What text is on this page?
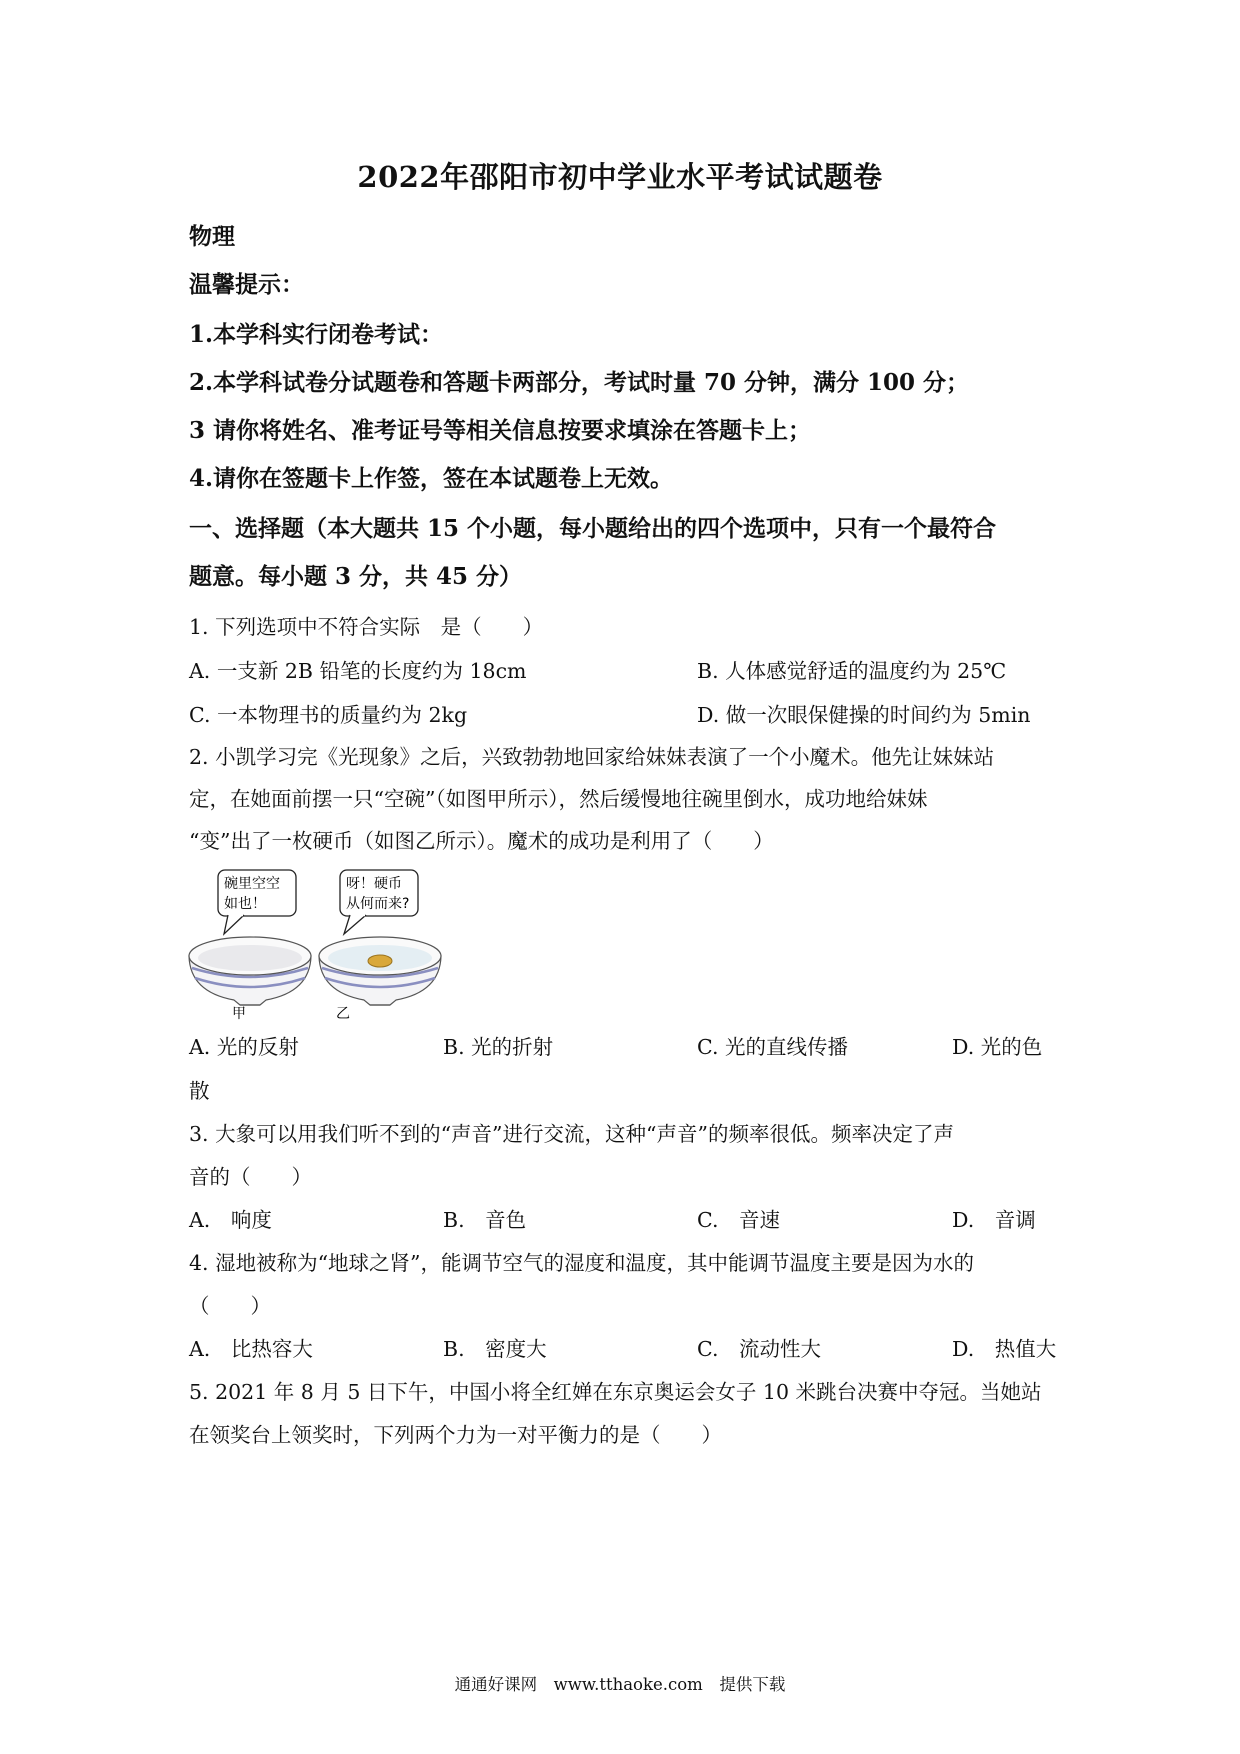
2022年邵阳市初中学业水平考试试题卷
物理
温馨提示：
1.本学科实行闭卷考试：
2.本学科试卷分试题卷和答题卡两部分，考试时量 70 分钟，满分 100 分；
3 请你将姓名、准考证号等相关信息按要求填涂在答题卡上；
4.请你在签题卡上作签，签在本试题卷上无效。
一、选择题（本大题共 15 个小题，每小题给出的四个选项中，只有一个最符合
题意。每小题 3 分，共 45 分）
1. 下列选项中不符合实际　是（　　）
A. 一支新 2B 铅笔的长度约为 18cm	B. 人体感觉舒适的温度约为 25℃
C. 一本物理书的质量约为 2kg	D. 做一次眼保健操的时间约为 5min
2. 小凯学习完《光现象》之后，兴致勃勃地回家给妹妹表演了一个小魔术。他先让妹妹站
定，在她面前摆一只“空碗”（如图甲所示），然后缓慢地往碗里倒水，成功地给妹妹
“变”出了一枚硬币（如图乙所示）。魔术的成功是利用了（　　）
碗里空空
如也！
呀！硬币
从何而来?
甲	乙
A. 光的反射	B. 光的折射	C. 光的直线传播	D. 光的色
散
3. 大象可以用我们听不到的“声音”进行交流，这种“声音”的频率很低。频率决定了声
音的（　　）
A.　响度	B.　音色	C.　音速	D.　音调
4. 湿地被称为“地球之肾”，能调节空气的湿度和温度，其中能调节温度主要是因为水的
（　　）
A.　比热容大	B.　密度大	C.　流动性大	D.　热值大
5. 2021 年 8 月 5 日下午，中国小将全红婵在东京奥运会女子 10 米跳台决赛中夺冠。当她站
在领奖台上领奖时，下列两个力为一对平衡力的是（　　）
通通好课网　www.tthaoke.com　提供下载
